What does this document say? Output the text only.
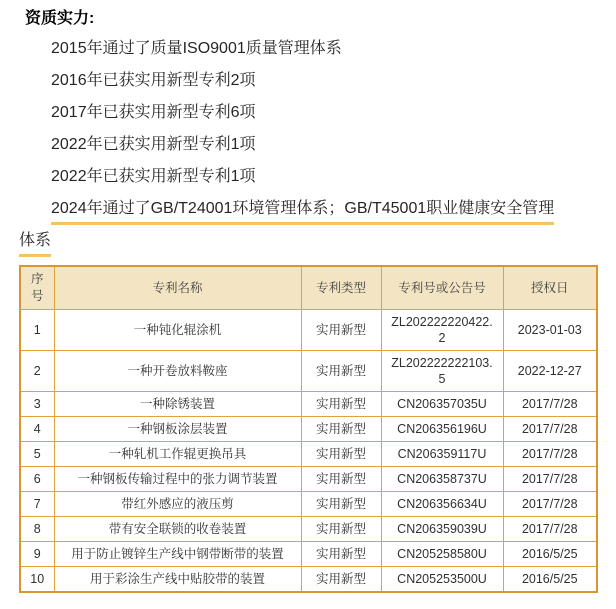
资质实力:

2015年通过了质量ISO9001质量管理体系

2016年已获实用新型专利2项

2017年已获实用新型专利6项

2022年已获实用新型专利1项

2022年已获实用新型专利1项

2024年通过了GB/T24001环境管理体系；GB/T45001职业健康安全管理
体系

序号	专利名称	专利类型	专利号或公告号	授权日
1	一种钝化辊涂机	实用新型	ZL202222220422.2	2023-01-03
2	一种开卷放料鞍座	实用新型	ZL202222222103.5	2022-12-27
3	一种除锈装置	实用新型	CN206357035U	2017/7/28
4	一种钢板涂层装置	实用新型	CN206356196U	2017/7/28
5	一种轧机工作辊更换吊具	实用新型	CN206359117U	2017/7/28
6	一种钢板传输过程中的张力调节装置	实用新型	CN206358737U	2017/7/28
7	带红外感应的液压剪	实用新型	CN206356634U	2017/7/28
8	带有安全联锁的收卷装置	实用新型	CN206359039U	2017/7/28
9	用于防止镀锌生产线中钢带断带的装置	实用新型	CN205258580U	2016/5/25
10	用于彩涂生产线中贴胶带的装置	实用新型	CN205253500U	2016/5/25
